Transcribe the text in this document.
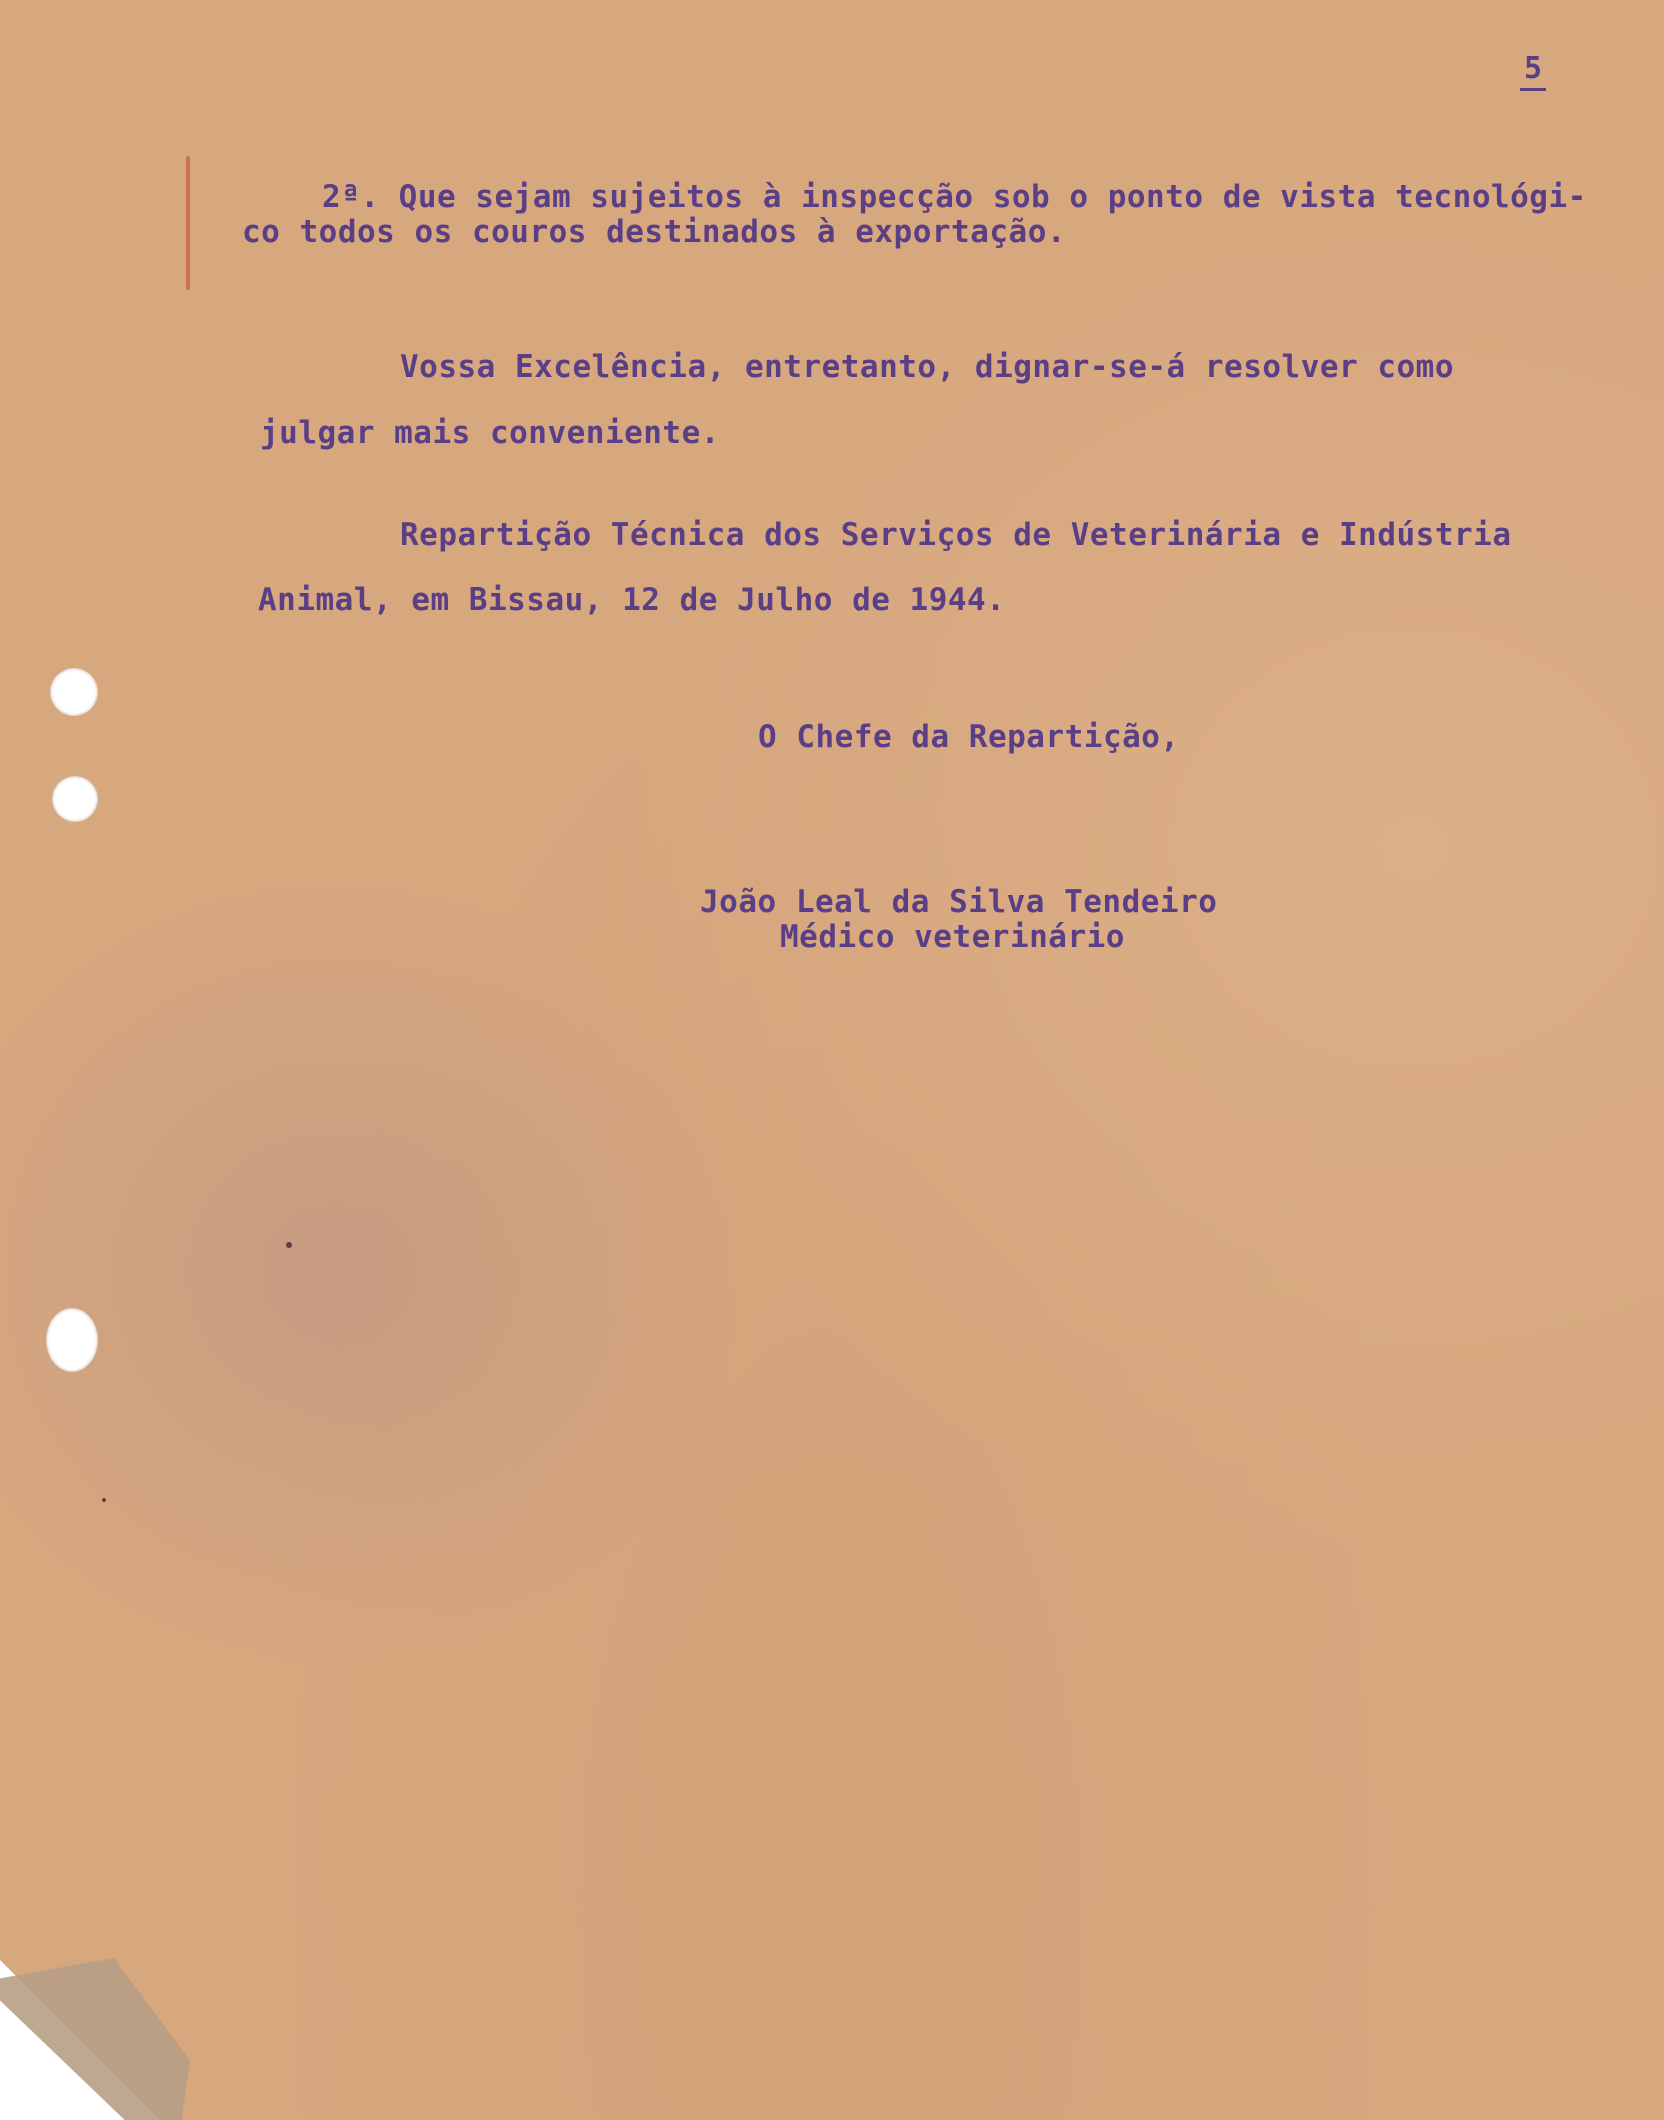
5
2ª. Que sejam sujeitos à inspecção sob o ponto de vista tecnológi-
co todos os couros destinados à exportação.
Vossa Excelência, entretanto, dignar-se-á resolver como
julgar mais conveniente.
Repartição Técnica dos Serviços de Veterinária e Indústria
Animal, em Bissau, 12 de Julho de 1944.
O Chefe da Repartição,
João Leal da Silva Tendeiro
Médico veterinário
